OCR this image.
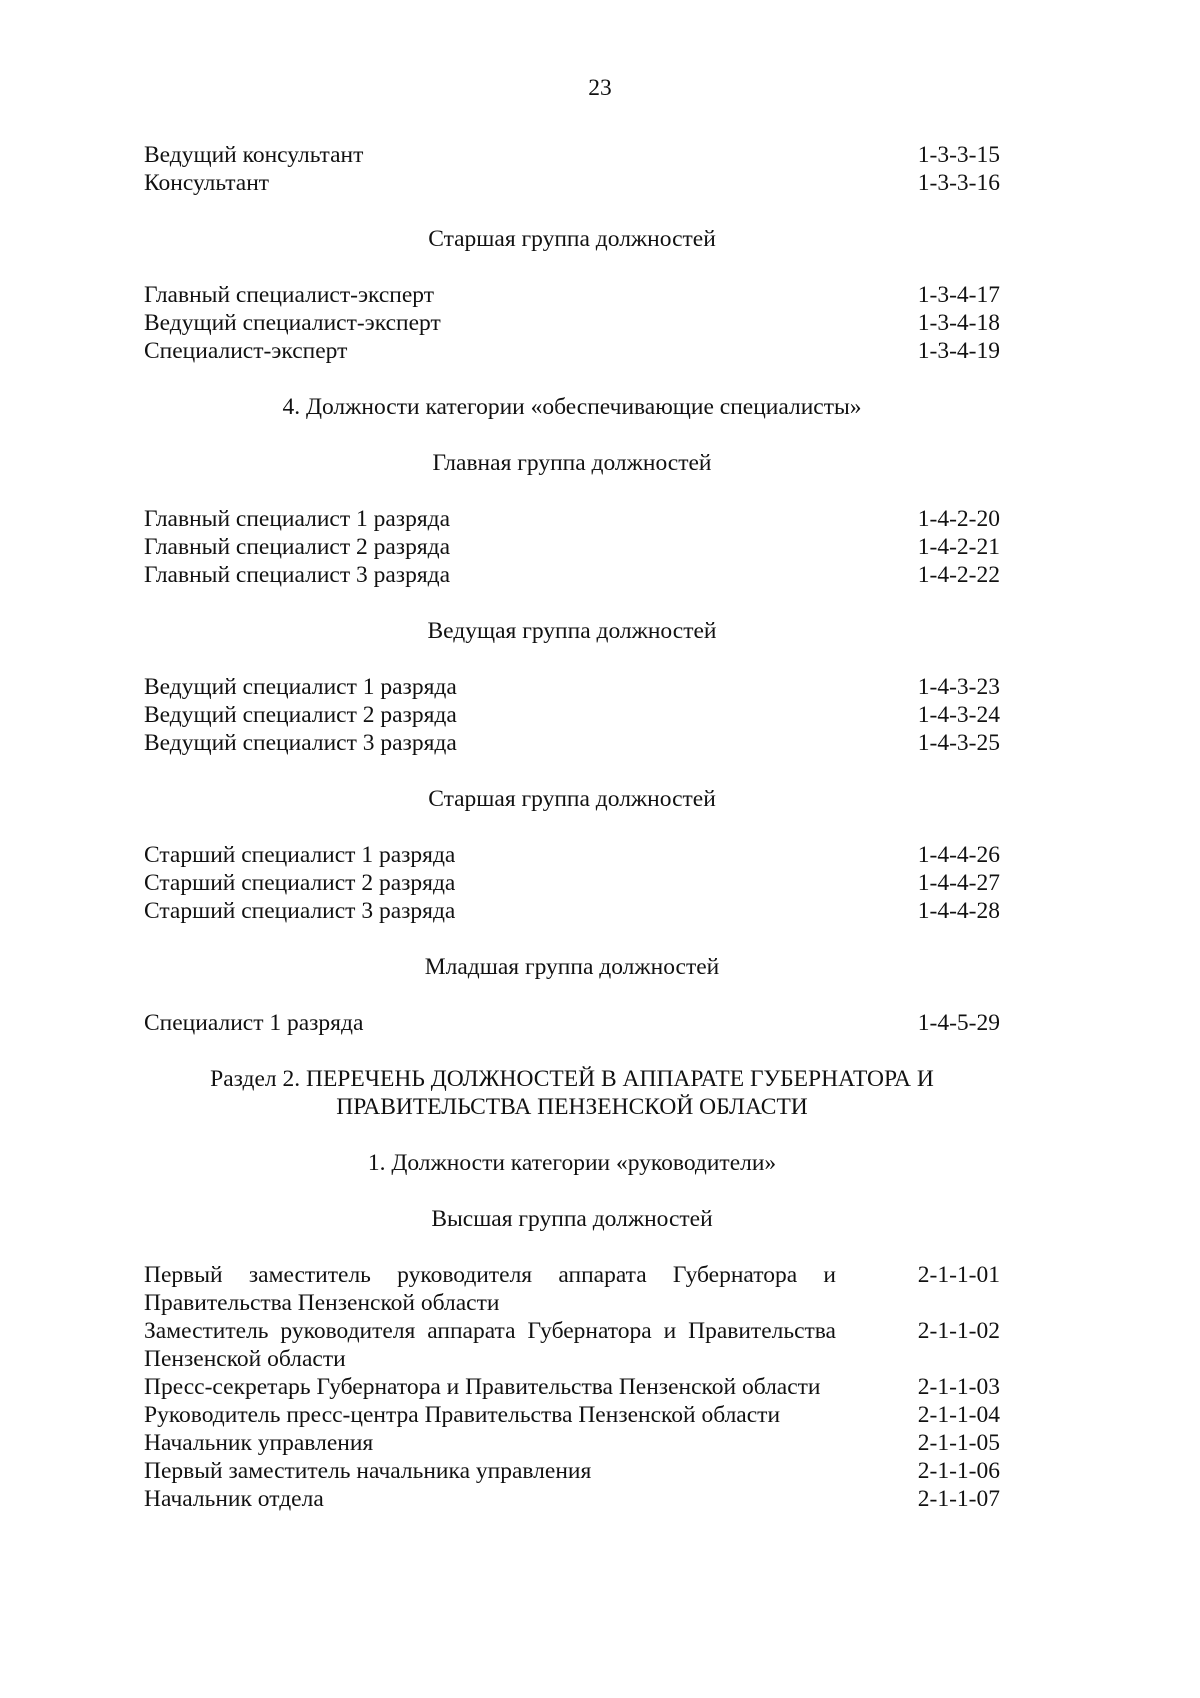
23
Ведущий консультант	1-3-3-15
Консультант	1-3-3-16
Старшая группа должностей
Главный специалист-эксперт	1-3-4-17
Ведущий специалист-эксперт	1-3-4-18
Специалист-эксперт	1-3-4-19
4. Должности категории «обеспечивающие специалисты»
Главная группа должностей
Главный специалист 1 разряда	1-4-2-20
Главный специалист 2 разряда	1-4-2-21
Главный специалист 3 разряда	1-4-2-22
Ведущая группа должностей
Ведущий специалист 1 разряда	1-4-3-23
Ведущий специалист 2 разряда	1-4-3-24
Ведущий специалист 3 разряда	1-4-3-25
Старшая группа должностей
Старший специалист 1 разряда	1-4-4-26
Старший специалист 2 разряда	1-4-4-27
Старший специалист 3 разряда	1-4-4-28
Младшая группа должностей
Специалист 1 разряда	1-4-5-29
Раздел 2. ПЕРЕЧЕНЬ ДОЛЖНОСТЕЙ В АППАРАТЕ ГУБЕРНАТОРА И
ПРАВИТЕЛЬСТВА ПЕНЗЕНСКОЙ ОБЛАСТИ
1. Должности категории «руководители»
Высшая группа должностей
Первый заместитель руководителя аппарата Губернатора и Правительства Пензенской области
2-1-1-01
Заместитель руководителя аппарата Губернатора и Правительства Пензенской области
2-1-1-02
Пресс-секретарь Губернатора и Правительства Пензенской области	2-1-1-03
Руководитель пресс-центра Правительства Пензенской области	2-1-1-04
Начальник управления	2-1-1-05
Первый заместитель начальника управления	2-1-1-06
Начальник отдела	2-1-1-07
